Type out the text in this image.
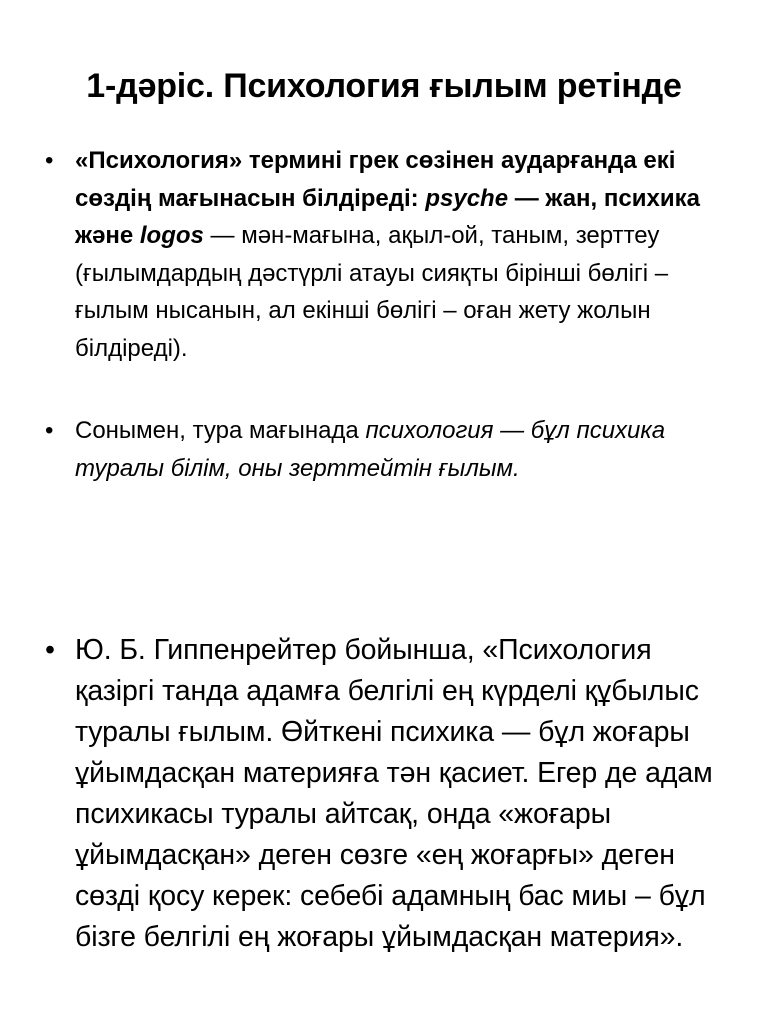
1-дәріс. Психология ғылым ретінде
• «Психология» термині грек сөзінен аударғанда екі сөздің мағынасын білдіреді: psyche — жан, психика және logos — мән-мағына, ақыл-ой, таным, зерттеу (ғылымдардың дәстүрлі атауы сияқты бірінші бөлігі – ғылым нысанын, ал екінші бөлігі – оған жету жолын білдіреді).
• Сонымен, тура мағынада психология — бұл психика туралы білім, оны зерттейтін ғылым.
• Ю. Б. Гиппенрейтер бойынша, «Психология қазіргі танда адамға белгілі ең күрделі құбылыс туралы ғылым. Өйткені психика — бұл жоғары ұйымдасқан материяға тән қасиет. Егер де адам психикасы туралы айтсақ, онда «жоғары ұйымдасқан» деген сөзге «ең жоғарғы» деген сөзді қосу керек: себебі адамның бас миы – бұл бізге белгілі ең жоғары ұйымдасқан материя».
